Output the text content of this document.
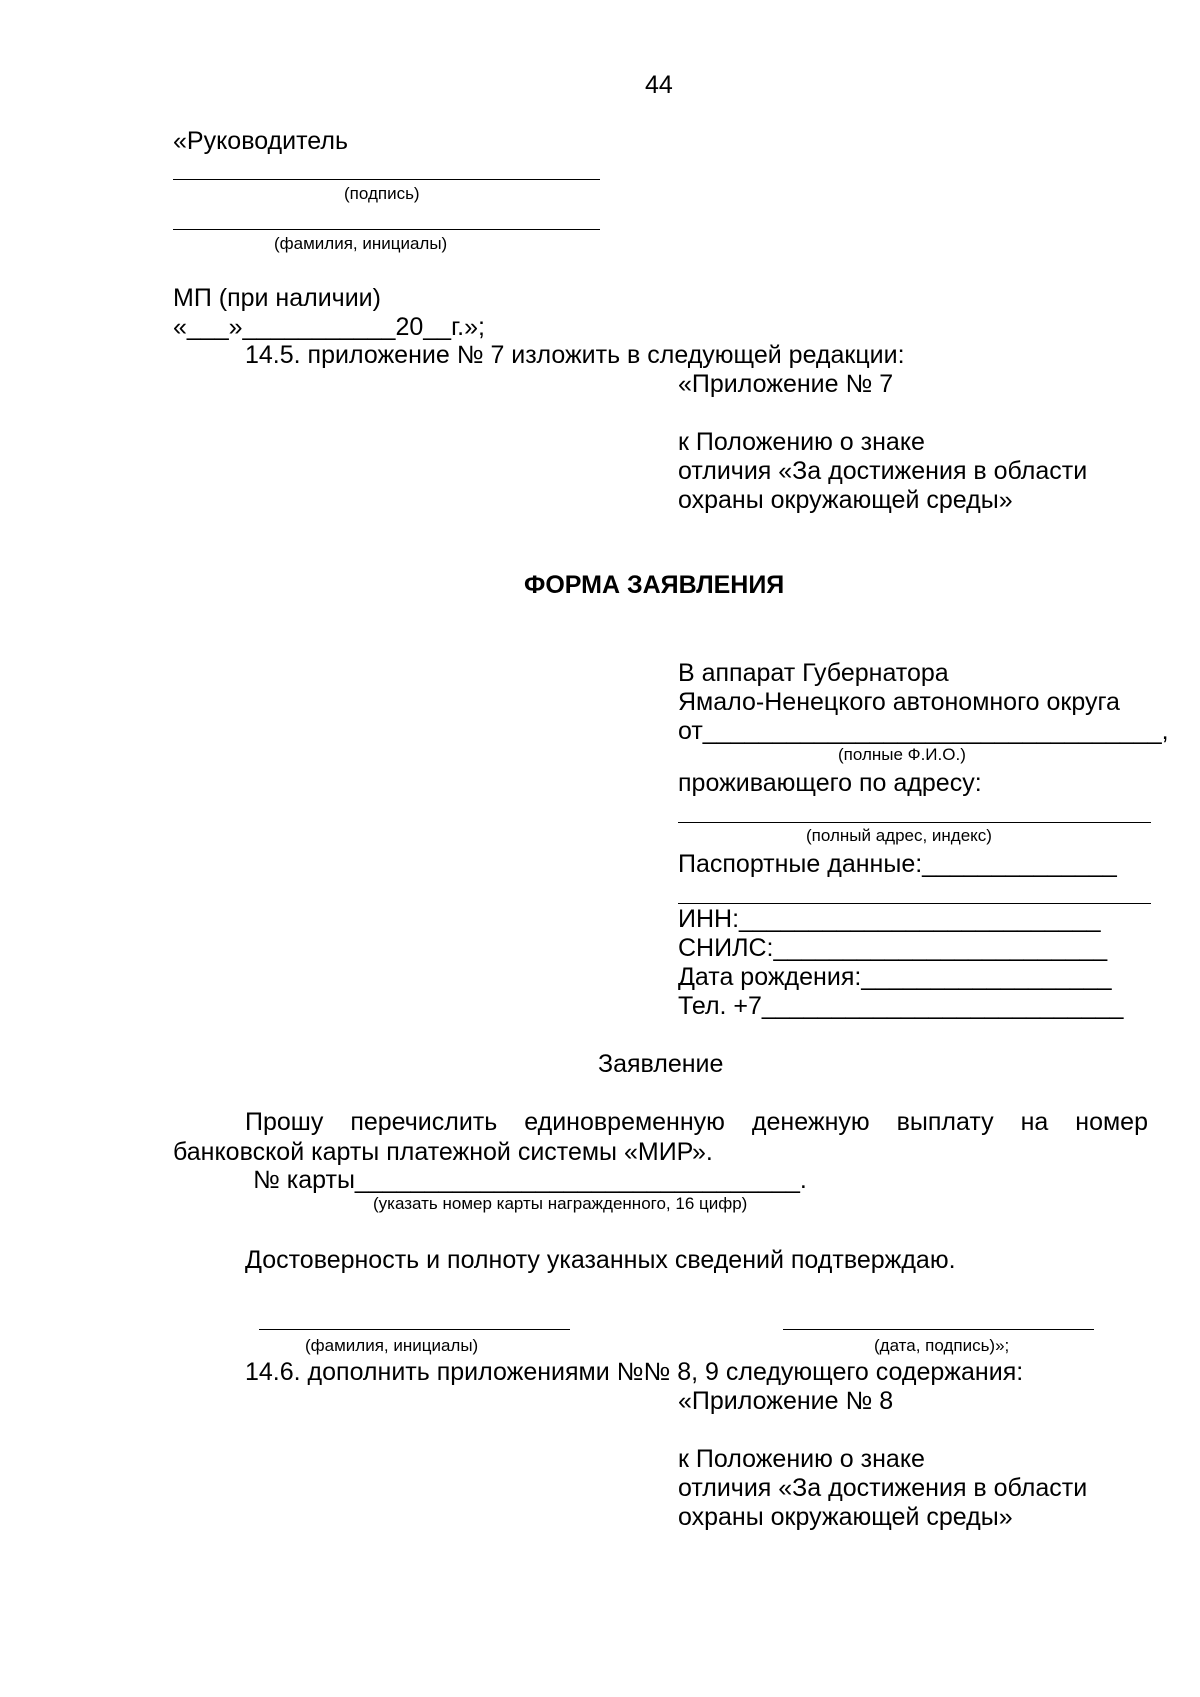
44
«Руководитель
(подпись)
(фамилия, инициалы)
МП (при наличии)
«___»___________20__г.»;
14.5. приложение № 7 изложить в следующей редакции:
«Приложение № 7
к Положению о знаке
отличия «За достижения в области
охраны окружающей среды»
ФОРМА ЗАЯВЛЕНИЯ
В аппарат Губернатора
Ямало-Ненецкого автономного округа
от_________________________________,
(полные Ф.И.О.)
проживающего по адресу:
(полный адрес, индекс)
Паспортные данные:______________
ИНН:__________________________
СНИЛС:________________________
Дата рождения:__________________
Тел. +7__________________________
Заявление
Прошу перечислить единовременную денежную выплату на номер банковской карты платежной системы «МИР».
№ карты________________________________.
(указать номер карты награжденного, 16 цифр)
Достоверность и полноту указанных сведений подтверждаю.
(фамилия, инициалы)	(дата, подпись)»;
14.6. дополнить приложениями №№ 8, 9 следующего содержания:
«Приложение № 8
к Положению о знаке
отличия «За достижения в области
охраны окружающей среды»
